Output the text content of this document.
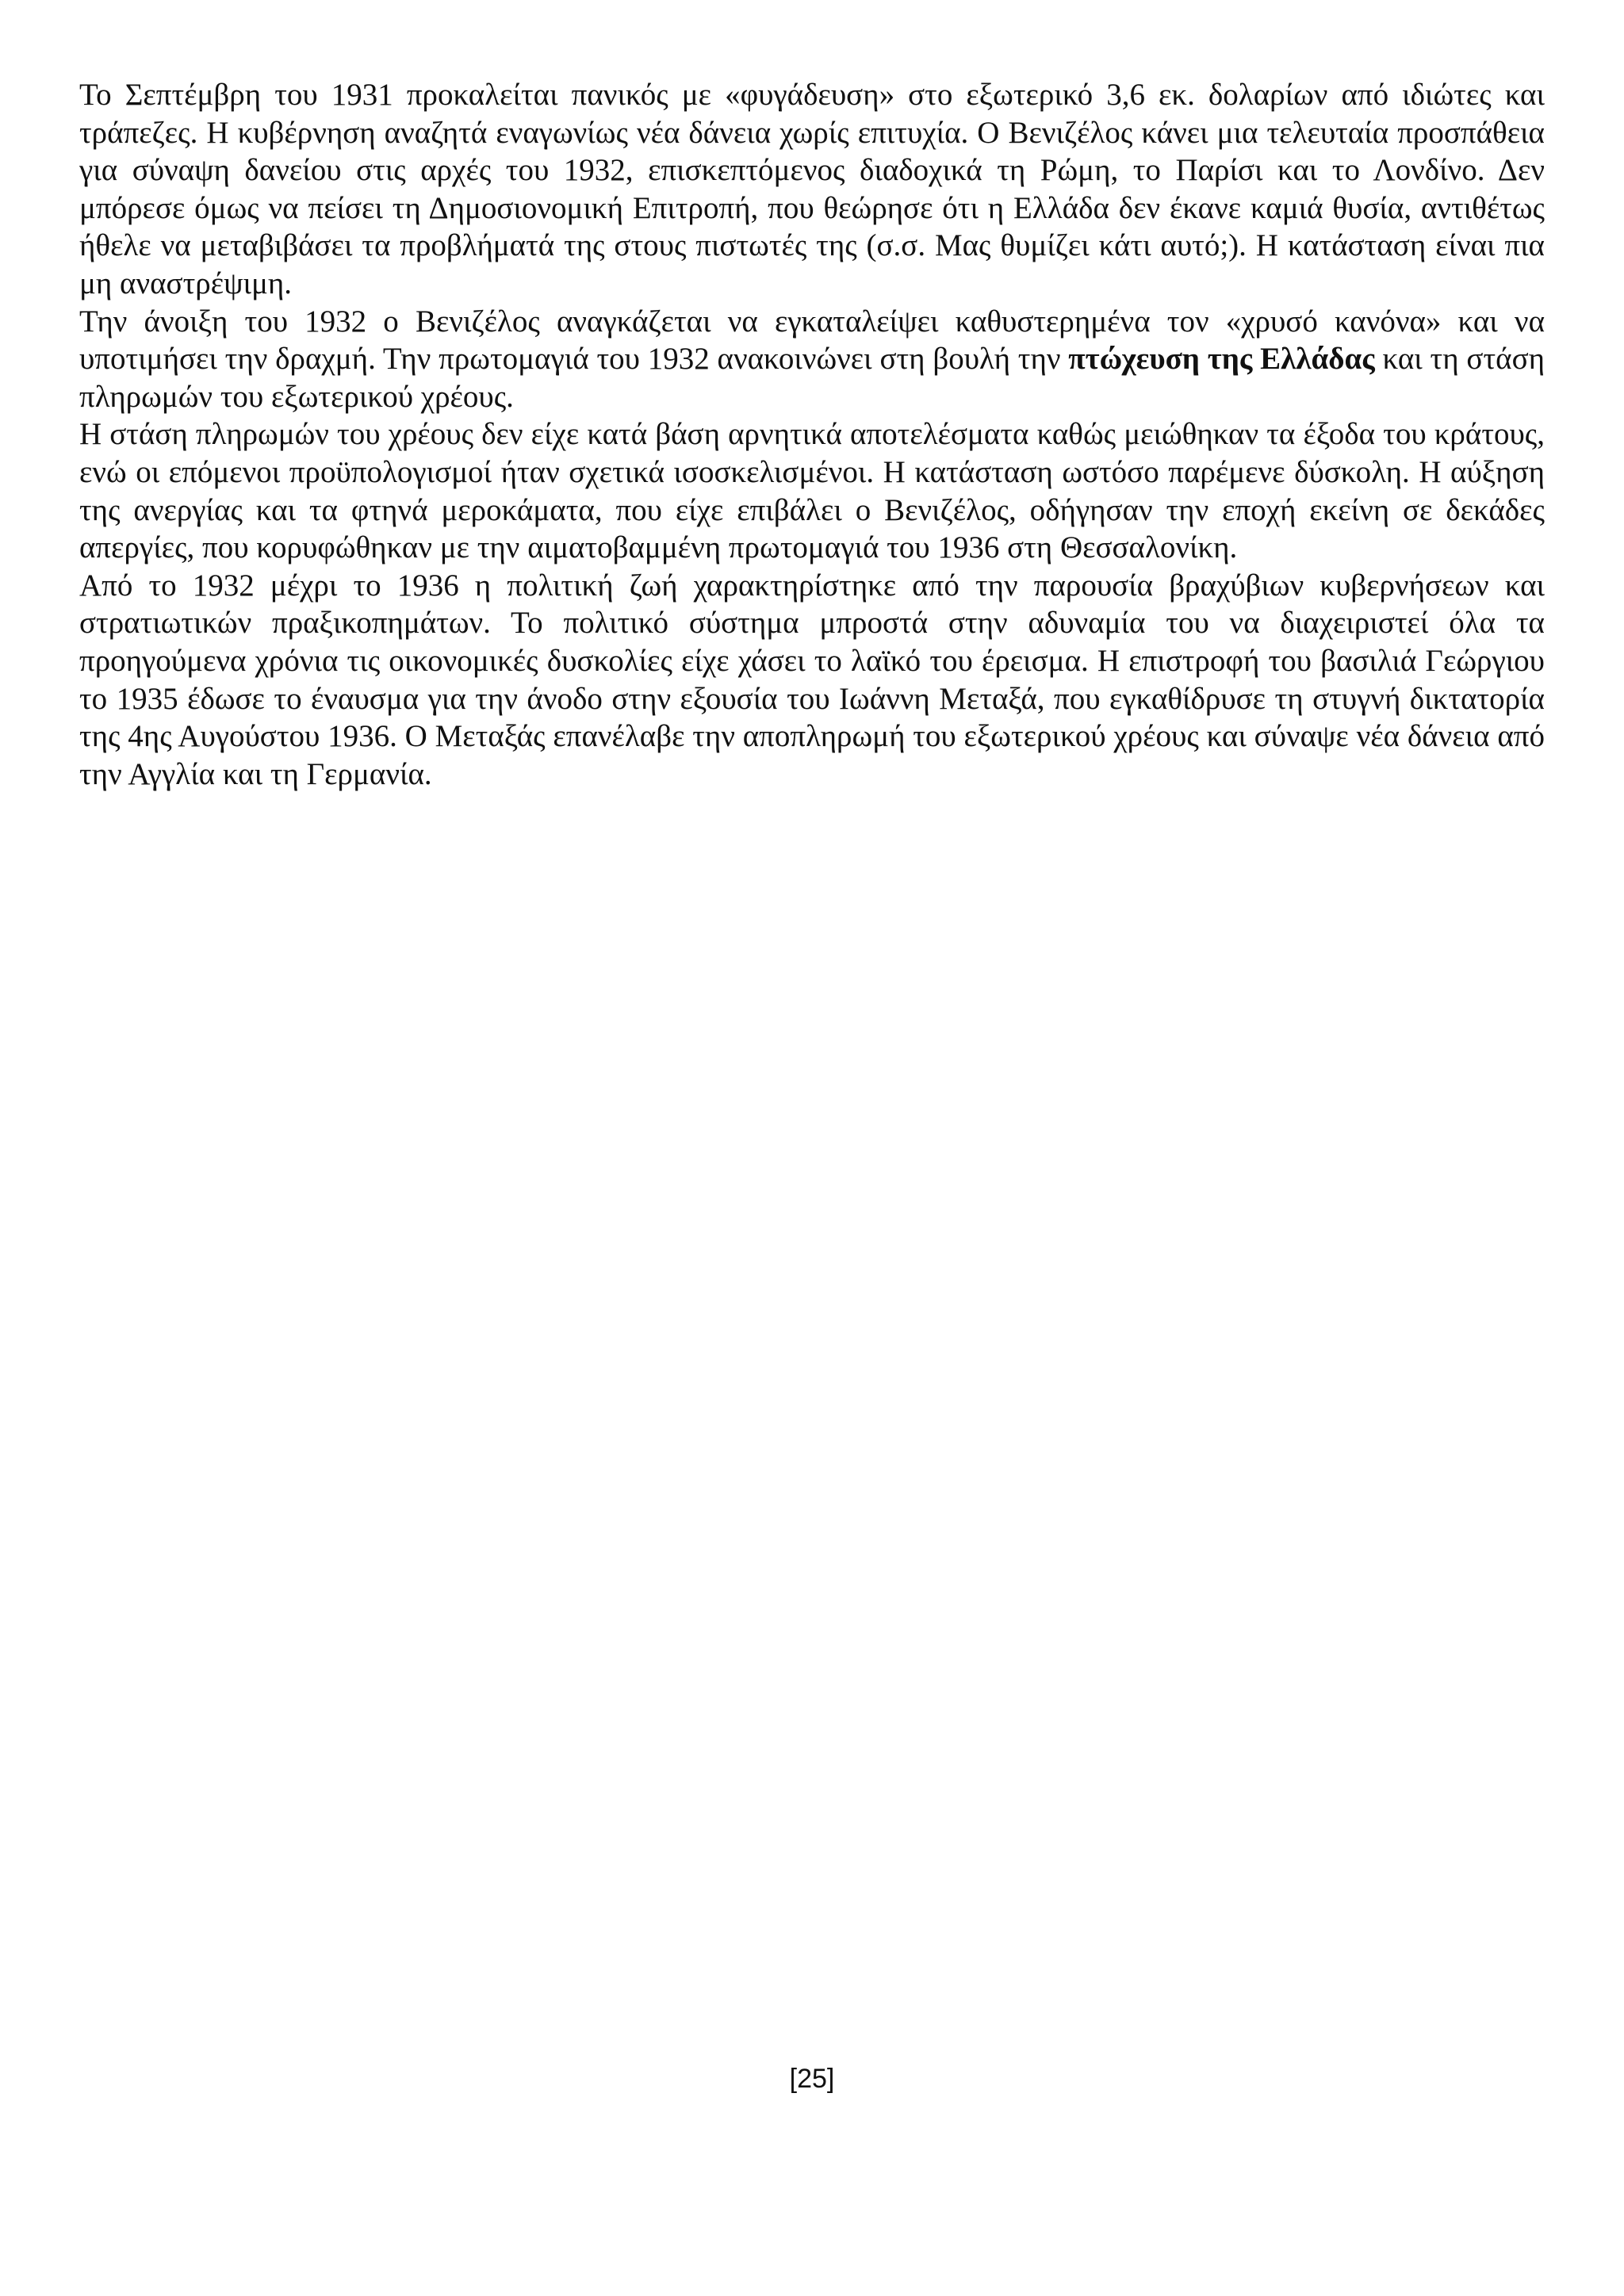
Το Σεπτέμβρη του 1931 προκαλείται πανικός με «φυγάδευση» στο εξωτερικό 3,6 εκ. δολαρίων από ιδιώτες και τράπεζες. Η κυβέρνηση αναζητά εναγωνίως νέα δάνεια χωρίς επιτυχία. Ο Βενιζέλος κάνει μια τελευταία προσπάθεια για σύναψη δανείου στις αρχές του 1932, επισκεπτόμενος διαδοχικά τη Ρώμη, το Παρίσι και το Λονδίνο. Δεν μπόρεσε όμως να πείσει τη Δημοσιονομική Επιτροπή, που θεώρησε ότι η Ελλάδα δεν έκανε καμιά θυσία, αντιθέτως ήθελε να μεταβιβάσει τα προβλήματά της στους πιστωτές της (σ.σ. Μας θυμίζει κάτι αυτό;). Η κατάσταση είναι πια μη αναστρέψιμη.

Την άνοιξη του 1932 ο Βενιζέλος αναγκάζεται να εγκαταλείψει καθυστερημένα τον «χρυσό κανόνα» και να υποτιμήσει την δραχμή. Την πρωτομαγιά του 1932 ανακοινώνει στη βουλή την πτώχευση της Ελλάδας και τη στάση πληρωμών του εξωτερικού χρέους.

Η στάση πληρωμών του χρέους δεν είχε κατά βάση αρνητικά αποτελέσματα καθώς μειώθηκαν τα έξοδα του κράτους, ενώ οι επόμενοι προϋπολογισμοί ήταν σχετικά ισοσκελισμένοι. Η κατάσταση ωστόσο παρέμενε δύσκολη. Η αύξηση της ανεργίας και τα φτηνά μεροκάματα, που είχε επιβάλει ο Βενιζέλος, οδήγησαν την εποχή εκείνη σε δεκάδες απεργίες, που κορυφώθηκαν με την αιματοβαμμένη πρωτομαγιά του 1936 στη Θεσσαλονίκη.

Από το 1932 μέχρι το 1936 η πολιτική ζωή χαρακτηρίστηκε από την παρουσία βραχύβιων κυβερνήσεων και στρατιωτικών πραξικοπημάτων. Το πολιτικό σύστημα μπροστά στην αδυναμία του να διαχειριστεί όλα τα προηγούμενα χρόνια τις οικονομικές δυσκολίες είχε χάσει το λαϊκό του έρεισμα. Η επιστροφή του βασιλιά Γεώργιου το 1935 έδωσε το έναυσμα για την άνοδο στην εξουσία του Ιωάννη Μεταξά, που εγκαθίδρυσε τη στυγνή δικτατορία της 4ης Αυγούστου 1936. Ο Μεταξάς επανέλαβε την αποπληρωμή του εξωτερικού χρέους και σύναψε νέα δάνεια από την Αγγλία και τη Γερμανία.

[25]
